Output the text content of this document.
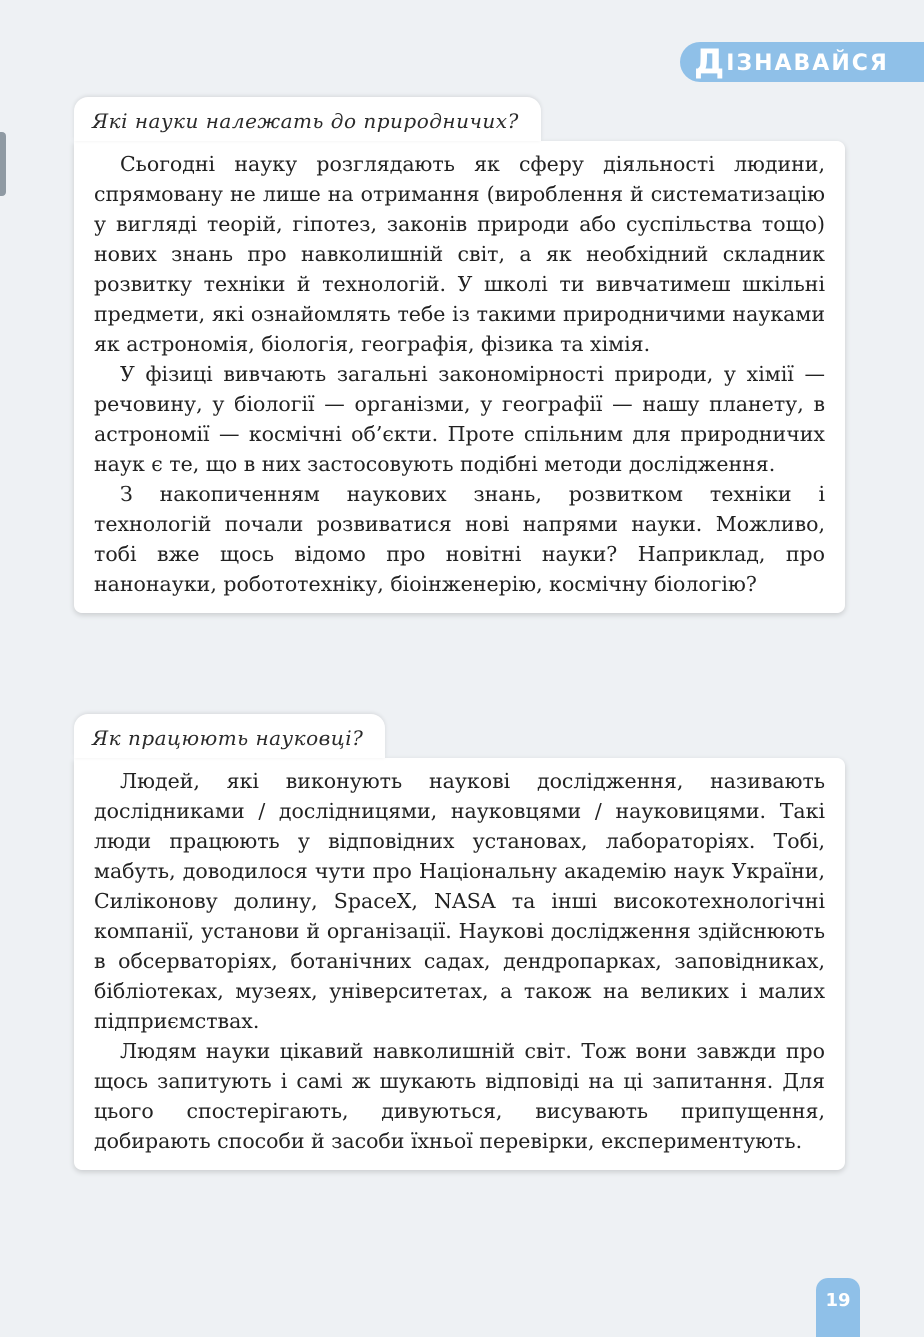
Д ІЗНАВАЙСЯ
Які науки належать до природничих?

Сьогодні науку розглядають як сферу діяльності людини, спрямовану не лише на отримання (вироблення й систематизацію у вигляді теорій, гіпотез, законів природи або суспільства тощо) нових знань про навколишній світ, а як необхідний складник розвитку техніки й технологій. У школі ти вивчатимеш шкільні предмети, які ознайомлять тебе із такими природничими науками як астрономія, біологія, географія, фізика та хімія.

У фізиці вивчають загальні закономірності природи, у хімії — речовину, у біології — організми, у географії — нашу планету, в астрономії — космічні об’єкти. Проте спільним для природничих наук є те, що в них застосовують подібні методи дослідження.

З накопиченням наукових знань, розвитком техніки і технологій почали розвиватися нові напрями науки. Можливо, тобі вже щось відомо про новітні науки? Наприклад, про нанонауки, робототехніку, біоінженерію, космічну біологію?

Як працюють науковці?

Людей, які виконують наукові дослідження, називають дослідниками / дослідницями, науковцями / науковицями. Такі люди працюють у відповідних установах, лабораторіях. Тобі, мабуть, доводилося чути про Національну академію наук України, Силіконову долину, SpaceX, NASA та інші високотехнологічні компанії, установи й організації. Наукові дослідження здійснюють в обсерваторіях, ботанічних садах, дендропарках, заповідниках, бібліотеках, музеях, університетах, а також на великих і малих підприємствах.

Людям науки цікавий навколишній світ. Тож вони завжди про щось запитують і самі ж шукають відповіді на ці запитання. Для цього спостерігають, дивуються, висувають припущення, добирають способи й засоби їхньої перевірки, експериментують.

19
